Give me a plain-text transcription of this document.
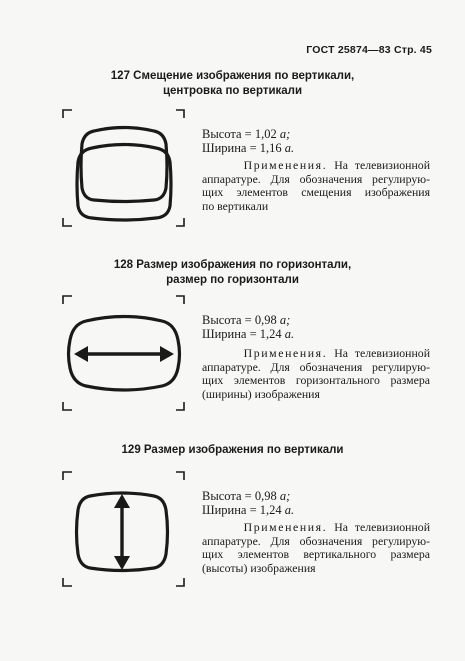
ГОСТ 25874—83 Стр. 45
127 Смещение изображения по вертикали,
центровка по вертикали
Высота = 1,02 а;
Ширина = 1,16 а.
Применения. На телевизионной
аппаратуре. Для обозначения регулирую-
щих элементов смещения изображения
по вертикали
128 Размер изображения по горизонтали,
размер по горизонтали
Высота = 0,98 а;
Ширина = 1,24 а.
Применения. На телевизионной
аппаратуре. Для обозначения регулирую-
щих элементов горизонтального размера
(ширины) изображения
129 Размер изображения по вертикали
Высота = 0,98 а;
Ширина = 1,24 а.
Применения. На телевизионной
аппаратуре. Для обозначения регулирую-
щих элементов вертикального размера
(высоты) изображения
